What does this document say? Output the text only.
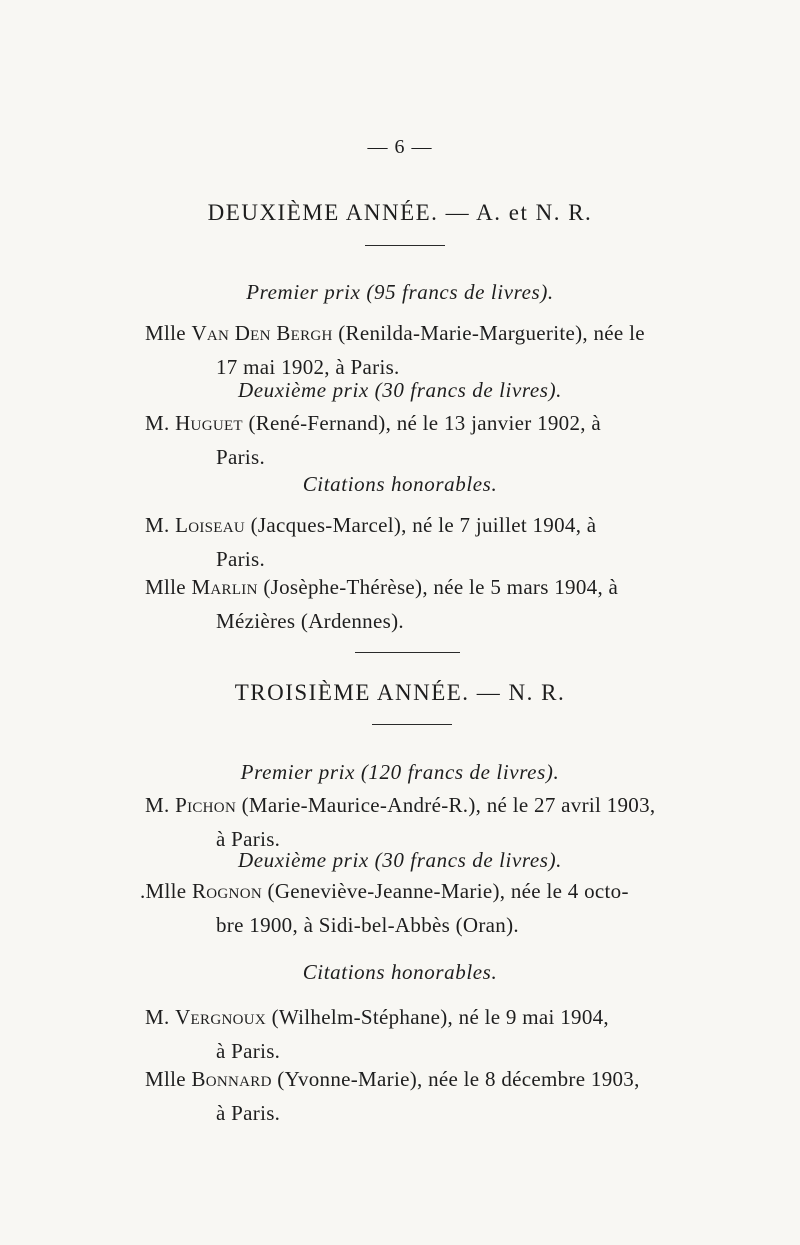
— 6 —
DEUXIÈME ANNÉE. — A. et N. R.
Premier prix (95 francs de livres).
Mlle Van Den Bergh (Renilda-Marie-Marguerite), née le
17 mai 1902, à Paris.
Deuxième prix (30 francs de livres).
M. Huguet (René-Fernand), né le 13 janvier 1902, à
Paris.
Citations honorables.
M. Loiseau (Jacques-Marcel), né le 7 juillet 1904, à
Paris.
Mlle Marlin (Josèphe-Thérèse), née le 5 mars 1904, à
Mézières (Ardennes).
TROISIÈME ANNÉE. — N. R.
Premier prix (120 francs de livres).
M. Pichon (Marie-Maurice-André-R.), né le 27 avril 1903,
à Paris.
Deuxième prix (30 francs de livres).
.Mlle Rognon (Geneviève-Jeanne-Marie), née le 4 octo-
bre 1900, à Sidi-bel-Abbès (Oran).
Citations honorables.
M. Vergnoux (Wilhelm-Stéphane), né le 9 mai 1904,
à Paris.
Mlle Bonnard (Yvonne-Marie), née le 8 décembre 1903,
à Paris.
